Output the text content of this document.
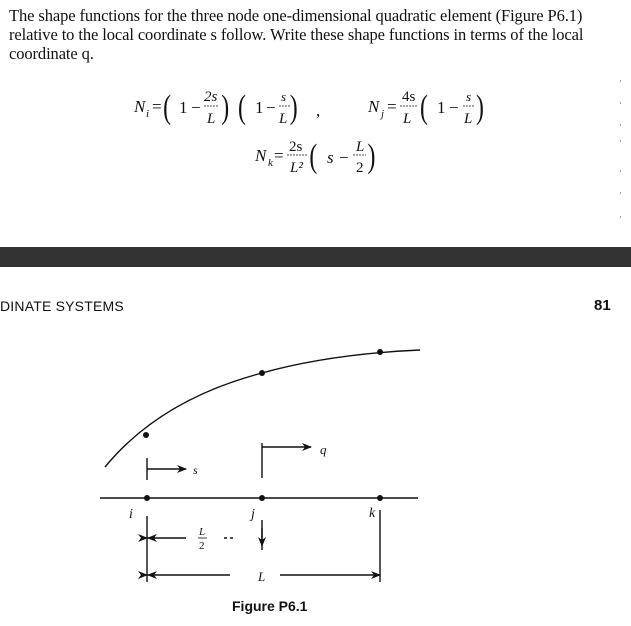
The shape functions for the three node one-dimensional quadratic element (Figure P6.1) relative to the local coordinate s follow. Write these shape functions in terms of the local coordinate q.

N i = ( 1 −
2s
L ) ( 1 −
s
L ) ,	N j = 4s
L ( 1 −
s
L )
N k = 2s
L² ( s −
L
2 )
DINATE SYSTEMS	81
i	j	k
s
q
L
2
L
Figure P6.1
